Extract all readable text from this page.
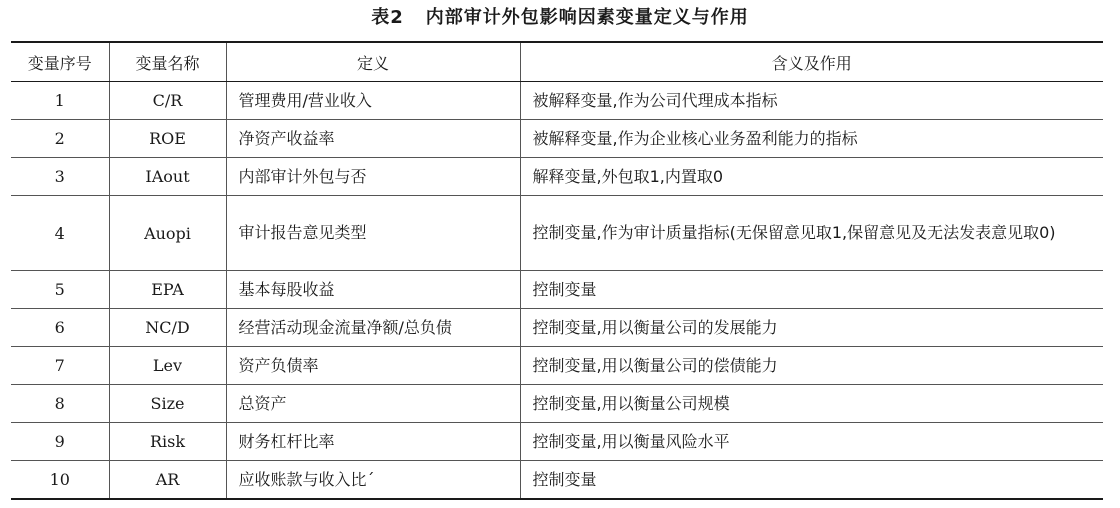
表2 内部审计外包影响因素变量定义与作用
变量序号	变量名称	定义	含义及作用
1	C/R	管理费用/营业收入	被解释变量,作为公司代理成本指标
2	ROE	净资产收益率	被解释变量,作为企业核心业务盈利能力的指标
3	IAout	内部审计外包与否	解释变量,外包取1,内置取0
4	Auopi	审计报告意见类型	控制变量,作为审计质量指标(无保留意见取1,保留意见及无法发表意见取0)
5	EPA	基本每股收益	控制变量
6	NC/D	经营活动现金流量净额/总负债	控制变量,用以衡量公司的发展能力
7	Lev	资产负债率	控制变量,用以衡量公司的偿债能力
8	Size	总资产	控制变量,用以衡量公司规模
9	Risk	财务杠杆比率	控制变量,用以衡量风险水平
10	AR	应收账款与收入比ˊ	控制变量
